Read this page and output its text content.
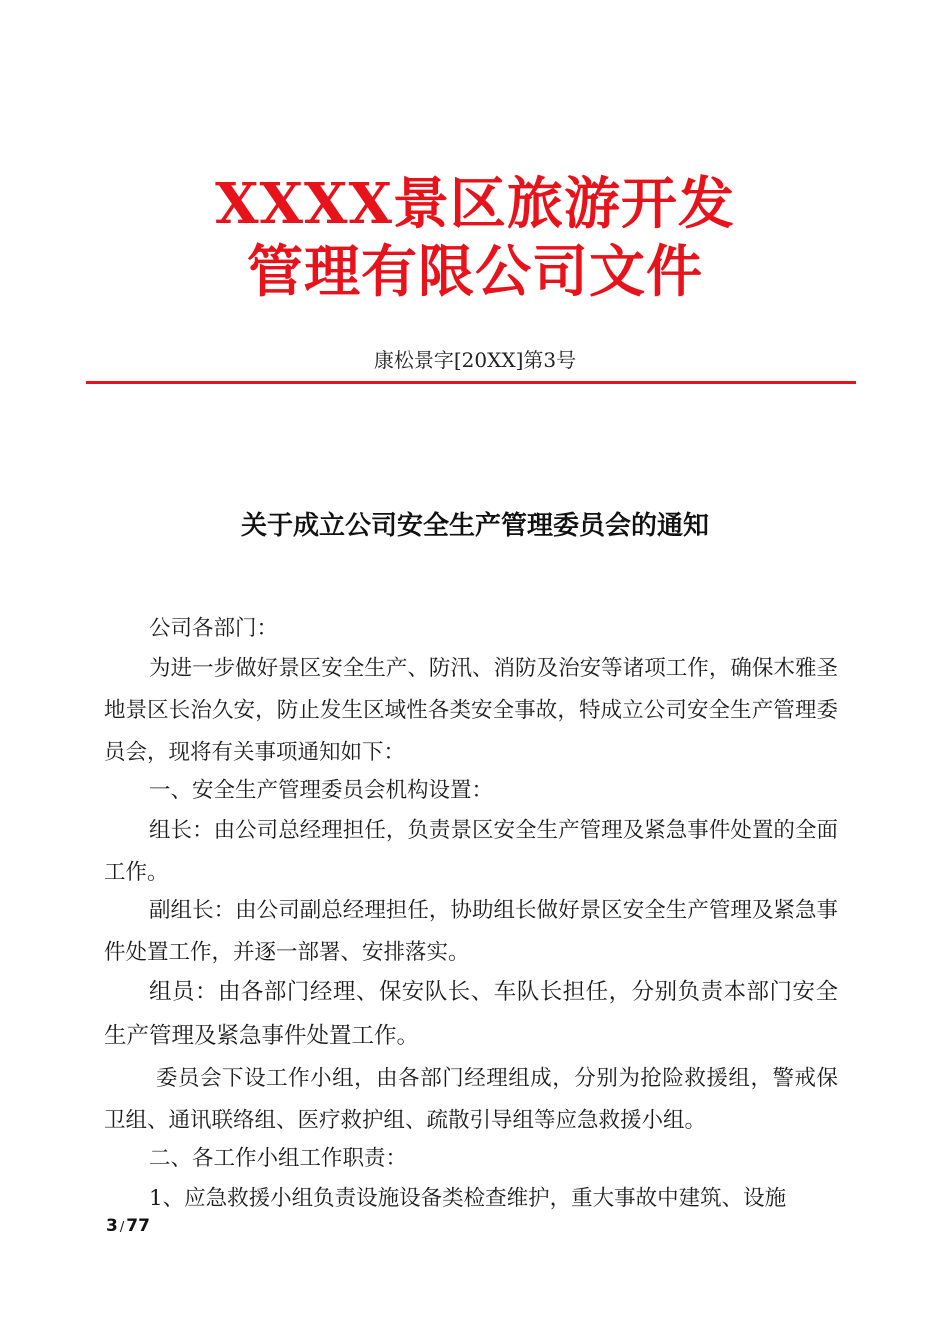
XXXX景区旅游开发
管理有限公司文件
康松景字[20XX]第3号
关于成立公司安全生产管理委员会的通知

公司各部门：

为进一步做好景区安全生产、防汛、消防及治安等诸项工作，确保木雅圣地景区长治久安，防止发生区域性各类安全事故，特成立公司安全生产管理委员会，现将有关事项通知如下：

一、安全生产管理委员会机构设置：

组长：由公司总经理担任，负责景区安全生产管理及紧急事件处置的全面工作。

副组长：由公司副总经理担任，协助组长做好景区安全生产管理及紧急事件处置工作，并逐一部署、安排落实。

组员：由各部门经理、保安队长、车队长担任，分别负责本部门安全生产管理及紧急事件处置工作。

委员会下设工作小组，由各部门经理组成，分别为抢险救援组，警戒保卫组、通讯联络组、医疗救护组、疏散引导组等应急救援小组。

二、各工作小组工作职责：

1、应急救援小组负责设施设备类检查维护，重大事故中建筑、设施

3 / 77
